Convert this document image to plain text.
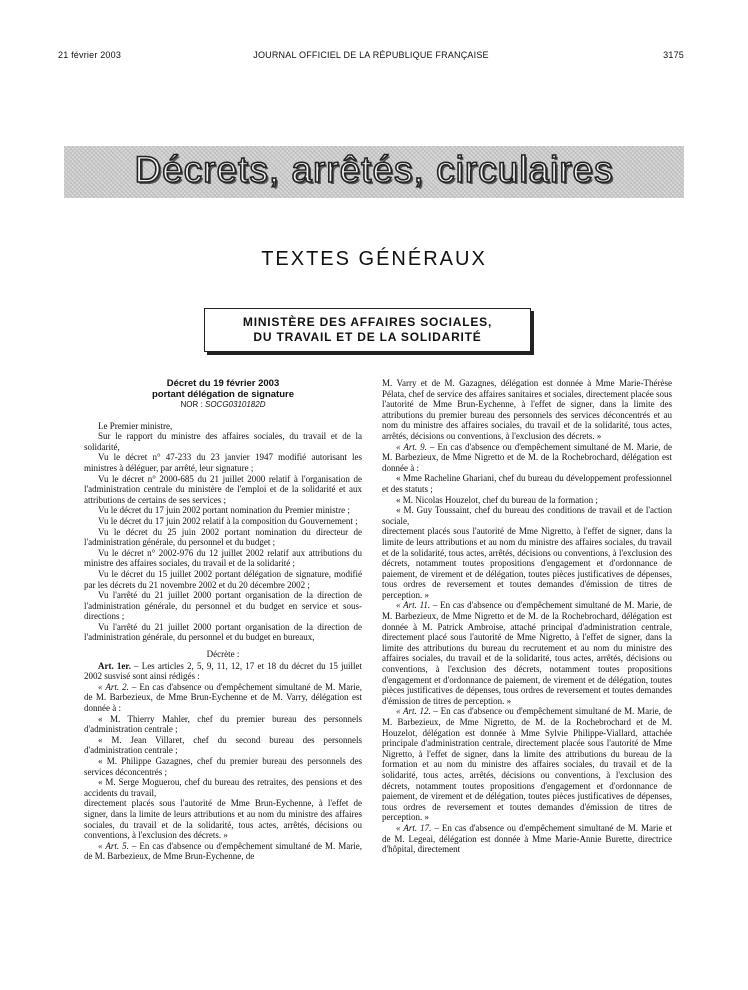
21 février 2003	JOURNAL OFFICIEL DE LA RÉPUBLIQUE FRANÇAISE	3175
Décrets, arrêtés, circulaires
TEXTES GÉNÉRAUX
MINISTÈRE DES AFFAIRES SOCIALES,
DU TRAVAIL ET DE LA SOLIDARITÉ

Décret du 19 février 2003

portant délégation de signature

NOR : SOCG0310182D

Le Premier ministre,

Sur le rapport du ministre des affaires sociales, du travail et de la solidarité,

Vu le décret n° 47-233 du 23 janvier 1947 modifié autorisant les ministres à déléguer, par arrêté, leur signature ;

Vu le décret n° 2000-685 du 21 juillet 2000 relatif à l'organisation de l'administration centrale du ministère de l'emploi et de la solidarité et aux attributions de certains de ses services ;

Vu le décret du 17 juin 2002 portant nomination du Premier ministre ;

Vu le décret du 17 juin 2002 relatif à la composition du Gouvernement ;

Vu le décret du 25 juin 2002 portant nomination du directeur de l'administration générale, du personnel et du budget ;

Vu le décret n° 2002-976 du 12 juillet 2002 relatif aux attributions du ministre des affaires sociales, du travail et de la solidarité ;

Vu le décret du 15 juillet 2002 portant délégation de signature, modifié par les décrets du 21 novembre 2002 et du 20 décembre 2002 ;

Vu l'arrêté du 21 juillet 2000 portant organisation de la direction de l'administration générale, du personnel et du budget en service et sous-directions ;

Vu l'arrêté du 21 juillet 2000 portant organisation de la direction de l'administration générale, du personnel et du budget en bureaux,

Décrète :

Art. 1er. – Les articles 2, 5, 9, 11, 12, 17 et 18 du décret du 15 juillet 2002 susvisé sont ainsi rédigés :

« Art. 2. – En cas d'absence ou d'empêchement simultané de M. Marie, de M. Barbezieux, de Mme Brun-Eychenne et de M. Varry, délégation est donnée à :

« M. Thierry Mahler, chef du premier bureau des personnels d'administration centrale ;

« M. Jean Villaret, chef du second bureau des personnels d'administration centrale ;

« M. Philippe Gazagnes, chef du premier bureau des personnels des services déconcentrés ;

« M. Serge Moguerou, chef du bureau des retraites, des pensions et des accidents du travail,

directement placés sous l'autorité de Mme Brun-Eychenne, à l'effet de signer, dans la limite de leurs attributions et au nom du ministre des affaires sociales, du travail et de la solidarité, tous actes, arrêtés, décisions ou conventions, à l'exclusion des décrets. »

« Art. 5. – En cas d'absence ou d'empêchement simultané de M. Marie, de M. Barbezieux, de Mme Brun-Eychenne, de

M. Varry et de M. Gazagnes, délégation est donnée à Mme Marie-Thérèse Pélata, chef de service des affaires sanitaires et sociales, directement placée sous l'autorité de Mme Brun-Eychenne, à l'effet de signer, dans la limite des attributions du premier bureau des personnels des services déconcentrés et au nom du ministre des affaires sociales, du travail et de la solidarité, tous actes, arrêtés, décisions ou conventions, à l'exclusion des décrets. »

« Art. 9. – En cas d'absence ou d'empêchement simultané de M. Marie, de M. Barbezieux, de Mme Nigretto et de M. de la Rochebrochard, délégation est donnée à :

« Mme Racheline Ghariani, chef du bureau du développement professionnel et des statuts ;

« M. Nicolas Houzelot, chef du bureau de la formation ;

« M. Guy Toussaint, chef du bureau des conditions de travail et de l'action sociale,

directement placés sous l'autorité de Mme Nigretto, à l'effet de signer, dans la limite de leurs attributions et au nom du ministre des affaires sociales, du travail et de la solidarité, tous actes, arrêtés, décisions ou conventions, à l'exclusion des décrets, notamment toutes propositions d'engagement et d'ordonnance de paiement, de virement et de délégation, toutes pièces justificatives de dépenses, tous ordres de reversement et toutes demandes d'émission de titres de perception. »

« Art. 11. – En cas d'absence ou d'empêchement simultané de M. Marie, de M. Barbezieux, de Mme Nigretto et de M. de la Rochebrochard, délégation est donnée à M. Patrick Ambroise, attaché principal d'administration centrale, directement placé sous l'autorité de Mme Nigretto, à l'effet de signer, dans la limite des attributions du bureau du recrutement et au nom du ministre des affaires sociales, du travail et de la solidarité, tous actes, arrêtés, décisions ou conventions, à l'exclusion des décrets, notamment toutes propositions d'engagement et d'ordonnance de paiement, de virement et de délégation, toutes pièces justificatives de dépenses, tous ordres de reversement et toutes demandes d'émission de titres de perception. »

« Art. 12. – En cas d'absence ou d'empêchement simultané de M. Marie, de M. Barbezieux, de Mme Nigretto, de M. de la Rochebrochard et de M. Houzelot, délégation est donnée à Mme Sylvie Philippe-Viallard, attachée principale d'administration centrale, directement placée sous l'autorité de Mme Nigretto, à l'effet de signer, dans la limite des attributions du bureau de la formation et au nom du ministre des affaires sociales, du travail et de la solidarité, tous actes, arrêtés, décisions ou conventions, à l'exclusion des décrets, notamment toutes propositions d'engagement et d'ordonnance de paiement, de virement et de délégation, toutes pièces justificatives de dépenses, tous ordres de reversement et toutes demandes d'émission de titres de perception. »

« Art. 17. – En cas d'absence ou d'empêchement simultané de M. Marie et de M. Legeai, délégation est donnée à Mme Marie-Annie Burette, directrice d'hôpital, directement
